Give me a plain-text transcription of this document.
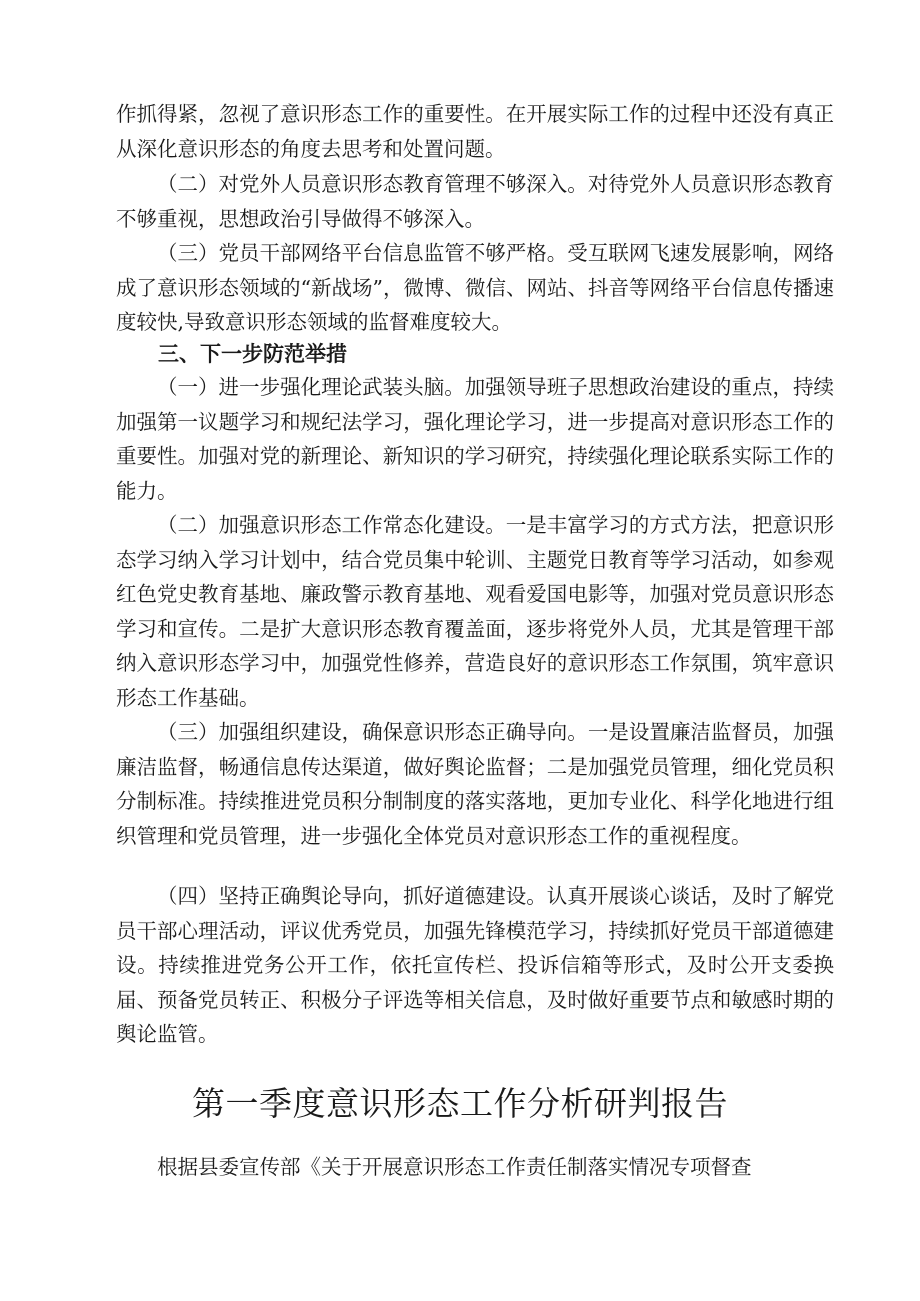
作抓得紧，忽视了意识形态工作的重要性。在开展实际工作的过程中还没有真正从深化意识形态的角度去思考和处置问题。

（二）对党外人员意识形态教育管理不够深入。对待党外人员意识形态教育不够重视，思想政治引导做得不够深入。

（三）党员干部网络平台信息监管不够严格。受互联网飞速发展影响，网络成了意识形态领域的“新战场”，微博、微信、网站、抖音等网络平台信息传播速度较快,导致意识形态领域的监督难度较大。

三、下一步防范举措

（一）进一步强化理论武装头脑。加强领导班子思想政治建设的重点，持续加强第一议题学习和规纪法学习，强化理论学习，进一步提高对意识形态工作的重要性。加强对党的新理论、新知识的学习研究，持续强化理论联系实际工作的能力。

（二）加强意识形态工作常态化建设。一是丰富学习的方式方法，把意识形态学习纳入学习计划中，结合党员集中轮训、主题党日教育等学习活动，如参观红色党史教育基地、廉政警示教育基地、观看爱国电影等，加强对党员意识形态学习和宣传。二是扩大意识形态教育覆盖面，逐步将党外人员，尤其是管理干部纳入意识形态学习中，加强党性修养，营造良好的意识形态工作氛围，筑牢意识形态工作基础。

（三）加强组织建设，确保意识形态正确导向。一是设置廉洁监督员，加强廉洁监督，畅通信息传达渠道，做好舆论监督；二是加强党员管理，细化党员积分制标准。持续推进党员积分制制度的落实落地，更加专业化、科学化地进行组织管理和党员管理，进一步强化全体党员对意识形态工作的重视程度。

（四）坚持正确舆论导向，抓好道德建设。认真开展谈心谈话，及时了解党员干部心理活动，评议优秀党员，加强先锋模范学习，持续抓好党员干部道德建设。持续推进党务公开工作，依托宣传栏、投诉信箱等形式，及时公开支委换届、预备党员转正、积极分子评选等相关信息，及时做好重要节点和敏感时期的舆论监管。

第一季度意识形态工作分析研判报告

根据县委宣传部《关于开展意识形态工作责任制落实情况专项督查
